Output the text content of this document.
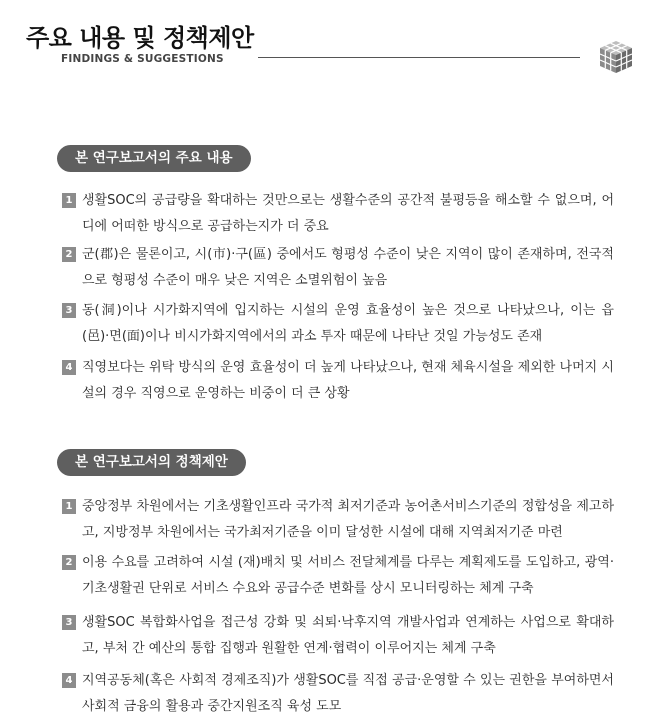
주요 내용 및 정책제안
FINDINGS & SUGGESTIONS
본 연구보고서의 주요 내용
1 생활SOC의 공급량을 확대하는 것만으로는 생활수준의 공간적 불평등을 해소할 수 없으며, 어디에 어떠한 방식으로 공급하는지가 더 중요
2 군(郡)은 물론이고, 시(市)·구(區) 중에서도 형평성 수준이 낮은 지역이 많이 존재하며, 전국적으로 형평성 수준이 매우 낮은 지역은 소멸위험이 높음
3 동(洞)이나 시가화지역에 입지하는 시설의 운영 효율성이 높은 것으로 나타났으나, 이는 읍(邑)·면(面)이나 비시가화지역에서의 과소 투자 때문에 나타난 것일 가능성도 존재
4 직영보다는 위탁 방식의 운영 효율성이 더 높게 나타났으나, 현재 체육시설을 제외한 나머지 시설의 경우 직영으로 운영하는 비중이 더 큰 상황
본 연구보고서의 정책제안
1 중앙정부 차원에서는 기초생활인프라 국가적 최저기준과 농어촌서비스기준의 정합성을 제고하고, 지방정부 차원에서는 국가최저기준을 이미 달성한 시설에 대해 지역최저기준 마련
2 이용 수요를 고려하여 시설 (재)배치 및 서비스 전달체계를 다루는 계획제도를 도입하고, 광역·기초생활권 단위로 서비스 수요와 공급수준 변화를 상시 모니터링하는 체계 구축
3 생활SOC 복합화사업을 접근성 강화 및 쇠퇴·낙후지역 개발사업과 연계하는 사업으로 확대하고, 부처 간 예산의 통합 집행과 원활한 연계·협력이 이루어지는 체계 구축
4 지역공동체(혹은 사회적 경제조직)가 생활SOC를 직접 공급·운영할 수 있는 권한을 부여하면서 사회적 금융의 활용과 중간지원조직 육성 도모
